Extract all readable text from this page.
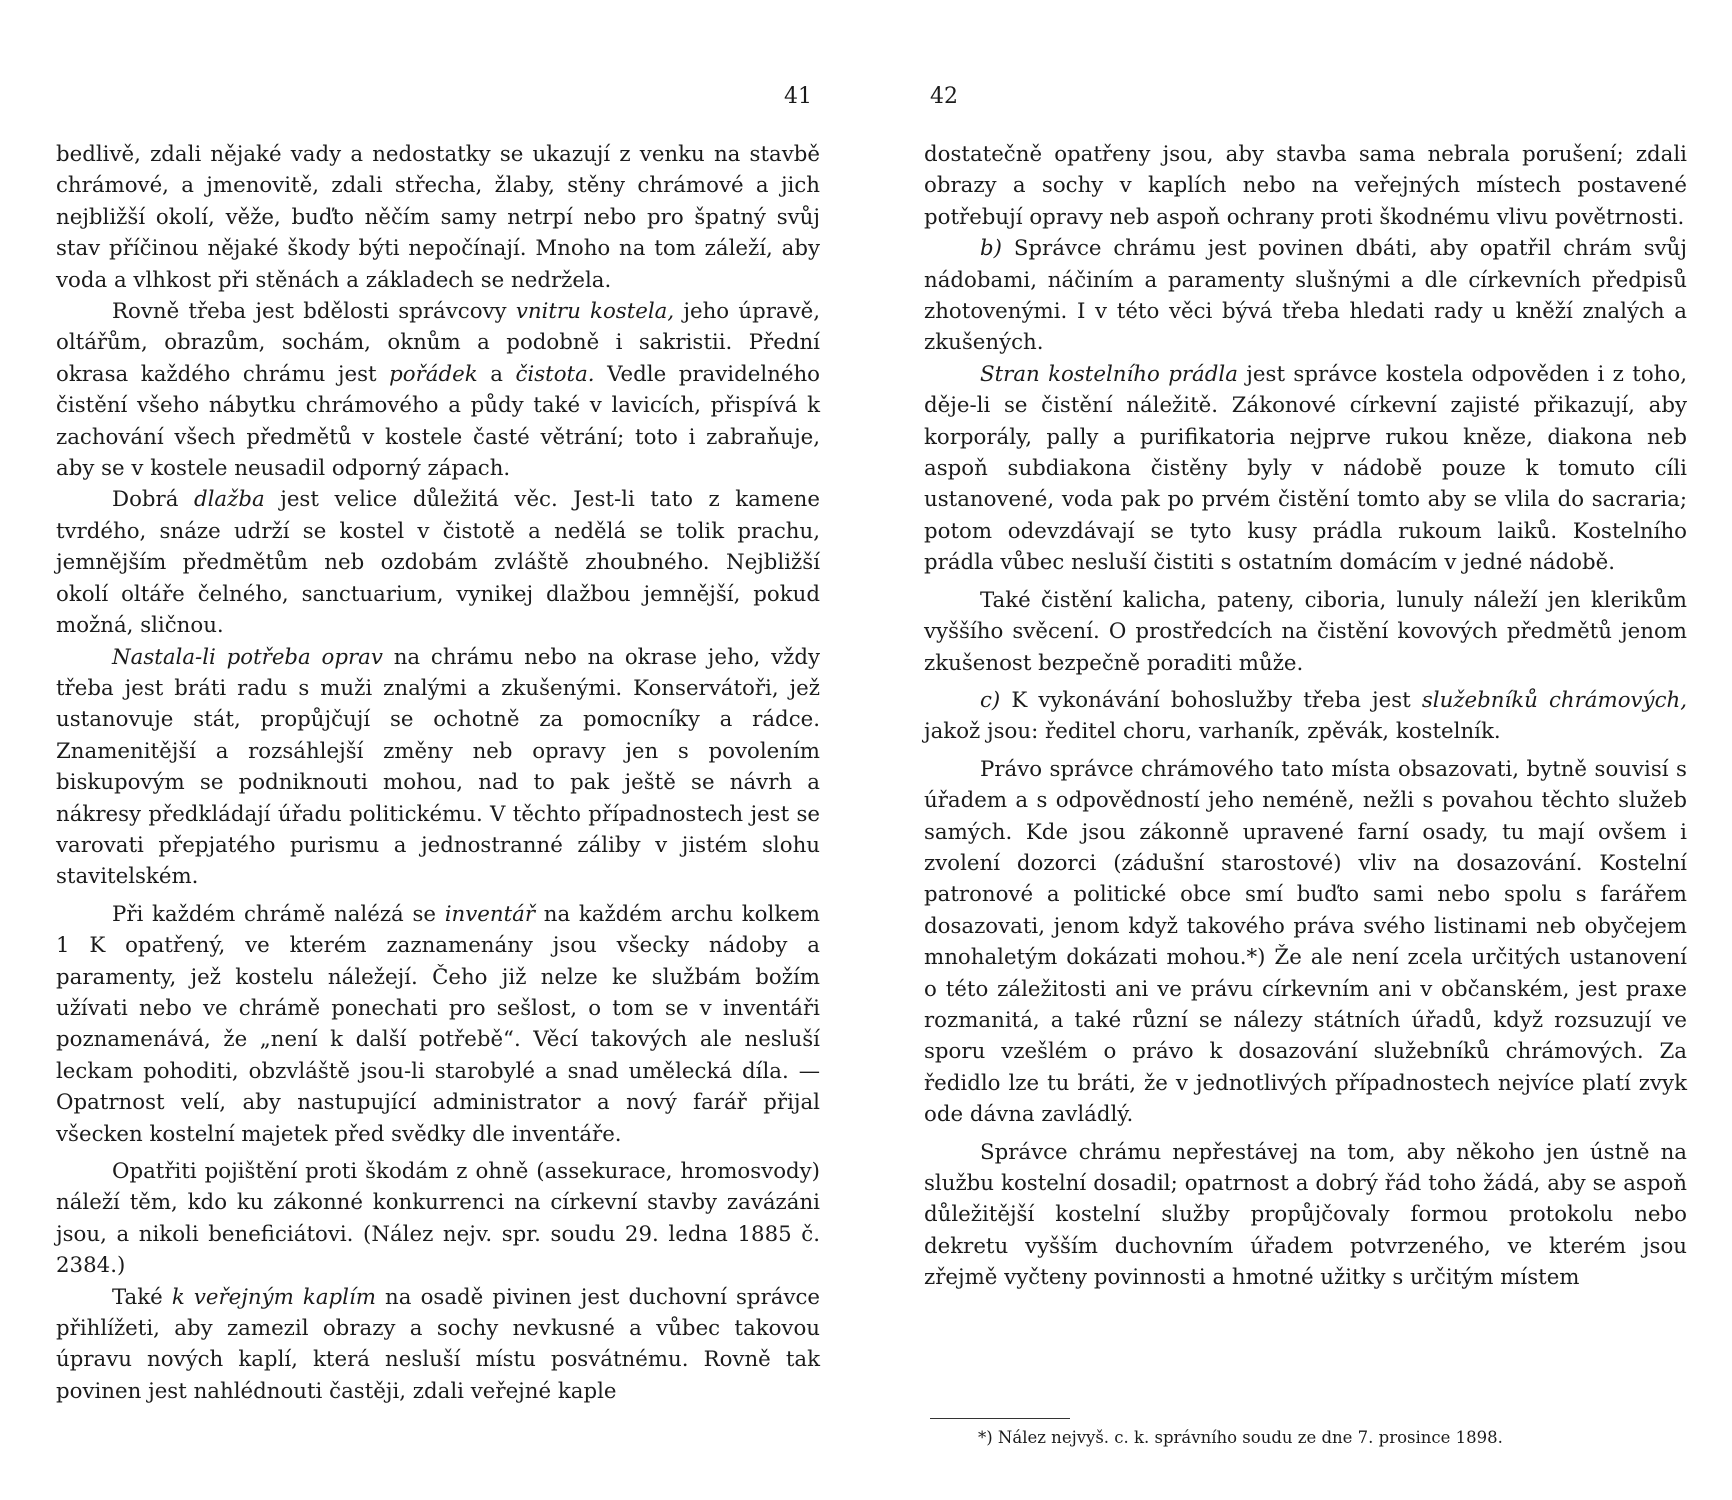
41

bedlivě, zdali nějaké vady a nedostatky se ukazují z venku na stavbě chrámové, a jmenovitě, zdali střecha, žlaby, stěny chrámové a jich nejbližší okolí, věže, buďto něčím samy netrpí nebo pro špatný svůj stav příčinou nějaké škody býti nepočínají. Mnoho na tom záleží, aby voda a vlhkost při stěnách a základech se nedržela.

Rovně třeba jest bdělosti správcovy vnitru kostela, jeho úpravě, oltářům, obrazům, sochám, oknům a podobně i sakristii. Přední okrasa každého chrámu jest pořádek a čistota. Vedle pravidelného čistění všeho nábytku chrámového a půdy také v lavicích, přispívá k zachování všech předmětů v kostele časté větrání; toto i zabraňuje, aby se v kostele neusadil odporný zápach.

Dobrá dlažba jest velice důležitá věc. Jest-li tato z kamene tvrdého, snáze udrží se kostel v čistotě a nedělá se tolik prachu, jemnějším předmětům neb ozdobám zvláště zhoubného. Nejbližší okolí oltáře čelného, sanctuarium, vynikej dlažbou jemnější, pokud možná, sličnou.

Nastala-li potřeba oprav na chrámu nebo na okrase jeho, vždy třeba jest bráti radu s muži znalými a zkušenými. Konservátoři, jež ustanovuje stát, propůjčují se ochotně za pomocníky a rádce. Znamenitější a rozsáhlejší změny neb opravy jen s povolením biskupovým se podniknouti mohou, nad to pak ještě se návrh a nákresy předkládají úřadu politickému. V těchto případnostech jest se varovati přepjatého purismu a jednostranné záliby v jistém slohu stavitelském.

Při každém chrámě nalézá se inventář na každém archu kolkem 1 K opatřený, ve kterém zaznamenány jsou všecky nádoby a paramenty, jež kostelu náležejí. Čeho již nelze ke službám božím užívati nebo ve chrámě ponechati pro sešlost, o tom se v inventáři poznamenává, že „není k další potřebě“. Věcí takových ale nesluší leckam pohoditi, obzvláště jsou-li starobylé a snad umělecká díla. — Opatrnost velí, aby nastupující administrator a nový farář přijal všecken kostelní majetek před svědky dle inventáře.

Opatřiti pojištění proti škodám z ohně (assekurace, hromosvody) náleží těm, kdo ku zákonné konkurrenci na církevní stavby zavázáni jsou, a nikoli beneficiátovi. (Nález nejv. spr. soudu 29. ledna 1885 č. 2384.)

Také k veřejným kaplím na osadě pivinen jest duchovní správce přihlížeti, aby zamezil obrazy a sochy nevkusné a vůbec takovou úpravu nových kaplí, která nesluší místu posvátnému. Rovně tak povinen jest nahlédnouti častěji, zdali veřejné kaple

42

dostatečně opatřeny jsou, aby stavba sama nebrala porušení; zdali obrazy a sochy v kaplích nebo na veřejných místech postavené potřebují opravy neb aspoň ochrany proti škodnému vlivu povětrnosti.

b) Správce chrámu jest povinen dbáti, aby opatřil chrám svůj nádobami, náčiním a paramenty slušnými a dle církevních předpisů zhotovenými. I v této věci bývá třeba hledati rady u kněží znalých a zkušených.

Stran kostelního prádla jest správce kostela odpověden i z toho, děje-li se čistění náležitě. Zákonové církevní zajisté přikazují, aby korporály, pally a purifikatoria nejprve rukou kněze, diakona neb aspoň subdiakona čistěny byly v nádobě pouze k tomuto cíli ustanovené, voda pak po prvém čistění tomto aby se vlila do sacraria; potom odevzdávají se tyto kusy prádla rukoum laiků. Kostelního prádla vůbec nesluší čistiti s ostatním domácím v jedné nádobě.

Také čistění kalicha, pateny, ciboria, lunuly náleží jen klerikům vyššího svěcení. O prostředcích na čistění kovových předmětů jenom zkušenost bezpečně poraditi může.

c) K vykonávání bohoslužby třeba jest služebníků chrámových, jakož jsou: ředitel choru, varhaník, zpěvák, kostelník.

Právo správce chrámového tato místa obsazovati, bytně souvisí s úřadem a s odpovědností jeho neméně, nežli s povahou těchto služeb samých. Kde jsou zákonně upravené farní osady, tu mají ovšem i zvolení dozorci (zádušní starostové) vliv na dosazování. Kostelní patronové a politické obce smí buďto sami nebo spolu s farářem dosazovati, jenom když takového práva svého listinami neb obyčejem mnohaletým dokázati mohou.*) Že ale není zcela určitých ustanovení o této záležitosti ani ve právu církevním ani v občanském, jest praxe rozmanitá, a také různí se nálezy státních úřadů, když rozsuzují ve sporu vzešlém o právo k dosazování služebníků chrámových. Za ředidlo lze tu bráti, že v jednotlivých případnostech nejvíce platí zvyk ode dávna zavládlý.

Správce chrámu nepřestávej na tom, aby někoho jen ústně na službu kostelní dosadil; opatrnost a dobrý řád toho žádá, aby se aspoň důležitější kostelní služby propůjčovaly formou protokolu nebo dekretu vyšším duchovním úřadem potvrzeného, ve kterém jsou zřejmě vyčteny povinnosti a hmotné užitky s určitým místem

*) Nález nejvyš. c. k. správního soudu ze dne 7. prosince 1898.
